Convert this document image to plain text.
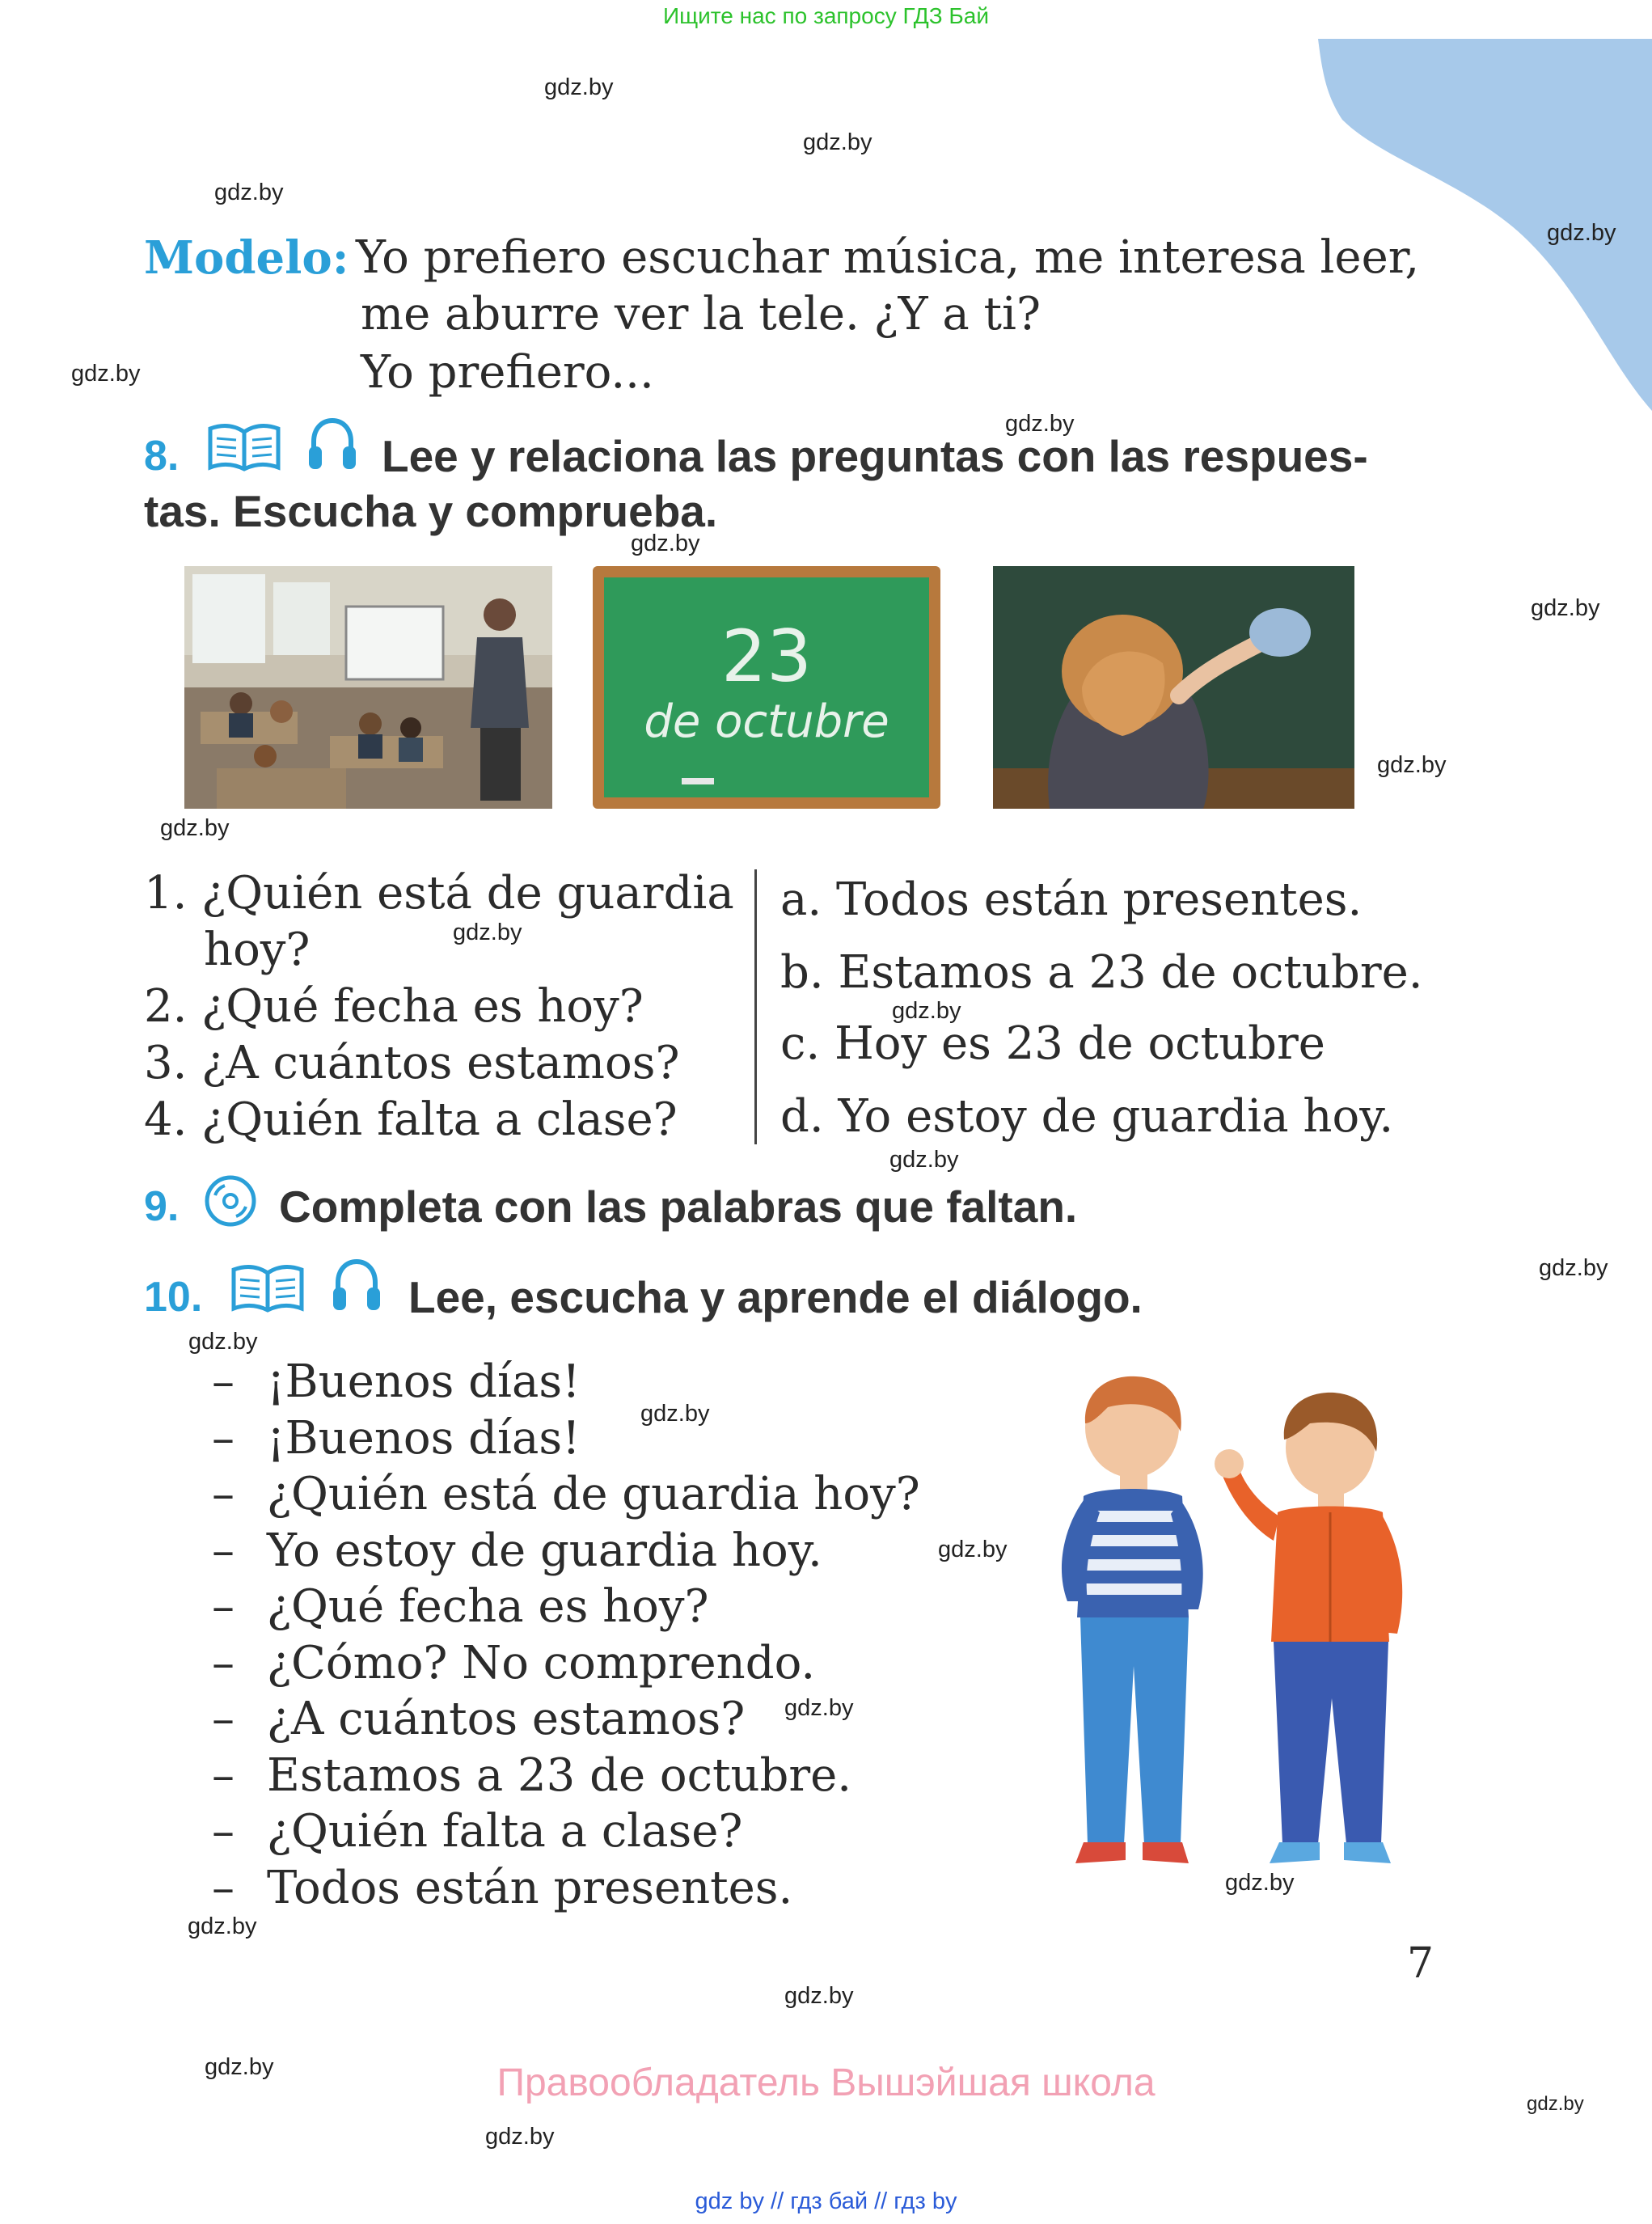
Ищите нас по запросу ГДЗ Бай
gdz.by
gdz.by
gdz.by
gdz.by
gdz.by
gdz.by
gdz.by
gdz.by
gdz.by
gdz.by
gdz.by
gdz.by
gdz.by
gdz.by
gdz.by
gdz.by
gdz.by
gdz.by
gdz.by
gdz.by
gdz.by
gdz.by
gdz.by
gdz.by
Modelo: Yo prefiero escuchar música, me interesa leer,
me aburre ver la tele. ¿Y a ti?
Yo prefiero...
8.	Lee y relaciona las preguntas con las respues-
tas. Escucha y comprueba.
23
de octubre
1. ¿Quién está de guardia
hoy?
2. ¿Qué fecha es hoy?
3. ¿A cuántos estamos?
4. ¿Quién falta a clase?
a. Todos están presentes.
b. Estamos a 23 de octubre.
c. Hoy es 23 de octubre
d. Yo estoy de guardia hoy.
9. Completa con las palabras que faltan.
10.	Lee, escucha y aprende el diálogo.
– ¡Buenos días!
– ¡Buenos días!
– ¿Quién está de guardia hoy?
– Yo estoy de guardia hoy.
– ¿Qué fecha es hoy?
– ¿Cómo? No comprendo.
– ¿A cuántos estamos?
– Estamos a 23 de octubre.
– ¿Quién falta a clase?
– Todos están presentes.
7
Правообладатель Вышэйшая школа
gdz by // гдз бай // гдз by
